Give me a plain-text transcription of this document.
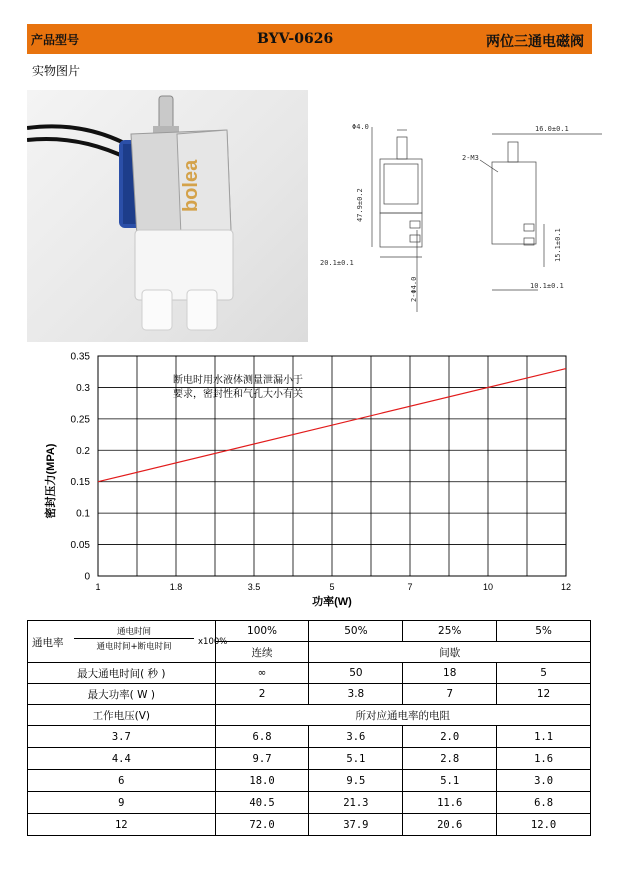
产品型号	BYV-0626	两位三通电磁阀
实物图片
bolea
Φ4.0
47.9±0.2
20.1±0.1
2-Φ4.0
16.0±0.1
2-M3
15.1±0.1
10.1±0.1
0
0.05
0.1
0.15
0.2
0.25
0.3
0.35
1	1.8	3.5	5	7	10	12
断电时用水液体测量泄漏小于
要求，密封性和气孔大小有关
功率(W)
密封压力(MPA)
通电率
通电时间
通电时间+断电时间 x100%	100%	50%	25%	5%
	连续	间歇		
最大通电时间( 秒 )	∞	50	18	5
最大功率( W )	2	3.8	7	12
工作电压(V)	所对应通电率的电阻			
3.7	6.8	3.6	2.0	1.1
4.4	9.7	5.1	2.8	1.6
6	18.0	9.5	5.1	3.0
9	40.5	21.3	11.6	6.8
12	72.0	37.9	20.6	12.0
